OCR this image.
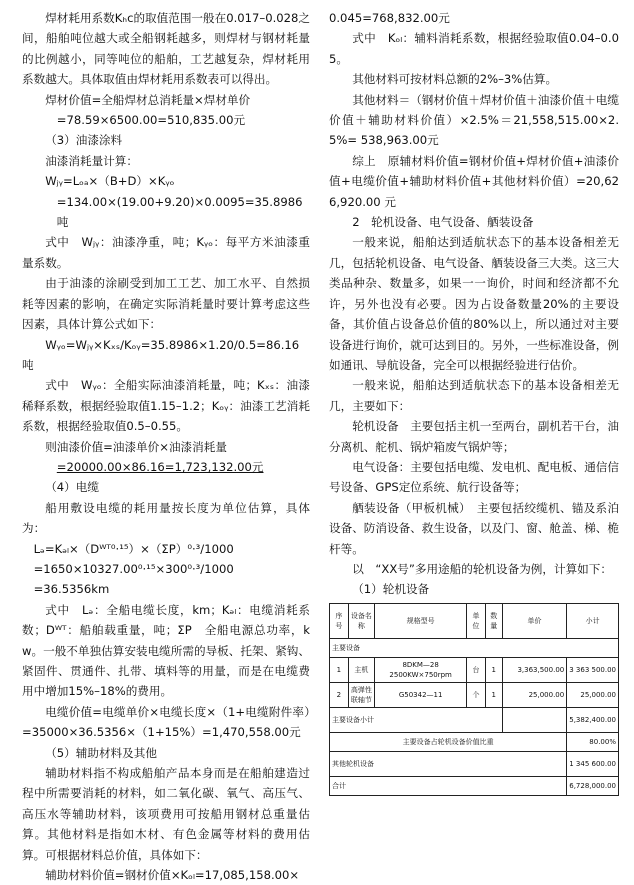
焊材耗用系数Kₕc的取值范围一般在0.017–0.028之间，船舶吨位越大或全船钢耗越多，则焊材与钢材耗量的比例越小，同等吨位的船舶，工艺越复杂，焊材耗用系数越大。具体取值由焊材耗用系数表可以得出。

焊材价值=全船焊材总消耗量×焊材单价

=78.59×6500.00=510,835.00元

（3）油漆涂料

油漆消耗量计算：

Wⱼᵧ=Lₒₐ×（B+D）×Kᵧₒ

=134.00×(19.00+9.20)×0.0095=35.8986吨

式中　Wⱼᵧ：油漆净重，吨；Kᵧₒ：每平方米油漆重量系数。

由于油漆的涂刷受到加工工艺、加工水平、自然损耗等因素的影响，在确定实际消耗量时要计算考虑这些因素，具体计算公式如下：

Wᵧₒ=Wⱼᵧ×Kₓₛ/Kₒᵧ=35.8986×1.20/0.5=86.16吨

式中　Wᵧₒ：全船实际油漆消耗量，吨；Kₓₛ：油漆稀释系数，根据经验取值1.15–1.2；Kₒᵧ：油漆工艺消耗系数，根据经验取值0.5–0.55。

则油漆价值=油漆单价×油漆消耗量

=20000.00×86.16=1,723,132.00元

（4）电缆

船用敷设电缆的耗用量按长度为单位估算，具体为：

Lₔ=Kₔₗ×（Dᵂᵀ⁰·¹⁵）×（ΣP）⁰·³/1000

=1650×10327.00⁰·¹⁵×300⁰·³/1000

=36.5356km

式中　Lₔ：全船电缆长度，km；Kₔₗ：电缆消耗系数；Dᵂᵀ：船舶载重量，吨；ΣP　全船电源总功率，kw。一般不单独估算安装电缆所需的导板、托架、紧钩、紧固件、贯通件、扎带、填料等的用量，而是在电缆费用中增加15%–18%的费用。

电缆价值=电缆单价×电缆长度×（1+电缆附件率）=35000×36.5356×（1+15%）=1,470,558.00元

（5）辅助材料及其他

辅助材料指不构成船舶产品本身而是在船舶建造过程中所需要消耗的材料，如二氧化碳、氧气、高压气、高压水等辅助材料，该项费用可按船用钢材总重量估算。其他材料是指如木材、有色金属等材料的费用估算。可根据材料总价值，具体如下：

辅助材料价值=钢材价值×Kₒₗ=17,085,158.00×

0.045=768,832.00元

式中　Kₒₗ：辅料消耗系数，根据经验取值0.04–0.05。

其他材料可按材料总额的2%–3%估算。

其他材料＝（钢材价值＋焊材价值＋油漆价值＋电缆价值＋辅助材料价值）×2.5%＝21,558,515.00×2.5%= 538,963.00元

综上　原辅材料价值=钢材价值+焊材价值+油漆价值+电缆价值+辅助材料价值+其他材料价值）=20,626,920.00 元

2　轮机设备、电气设备、舾装设备

一般来说，船舶达到适航状态下的基本设备相差无几，包括轮机设备、电气设备、舾装设备三大类。这三大类品种杂、数量多，如果一一询价，时间和经济都不允许，另外也没有必要。因为占设备数量20%的主要设备，其价值占设备总价值的80%以上，所以通过对主要设备进行询价，就可达到目的。另外，一些标准设备，例如通讯、导航设备，完全可以根据经验进行估价。

一般来说，船舶达到适航状态下的基本设备相差无几，主要如下：

轮机设备　主要包括主机一至两台，副机若干台，油分离机、舵机、锅炉箱废气锅炉等；

电气设备：主要包括电缆、发电机、配电板、通信信号设备、GPS定位系统、航行设备等；

舾装设备（甲板机械）　主要包括绞缆机、锚及系泊设备、防消设备、救生设备，以及门、窗、舱盖、梯、桅杆等。

以　“XX号”多用途船的轮机设备为例，计算如下：

（1）轮机设备

序号	设备名称	规格型号	单位	数量	单价	小计
主要设备						
1	主机	8DKM—28
2500KW×750rpm	台	1	3,363,500.00	3 363 500.00
2	高弹性联轴节	G50342—11	个	1	25,000.00	25,000.00
主要设备小计						5,382,400.00
主要设备占轮机设备价值比重						80.00%
其他轮机设备						1 345 600.00
合计						6,728,000.00
